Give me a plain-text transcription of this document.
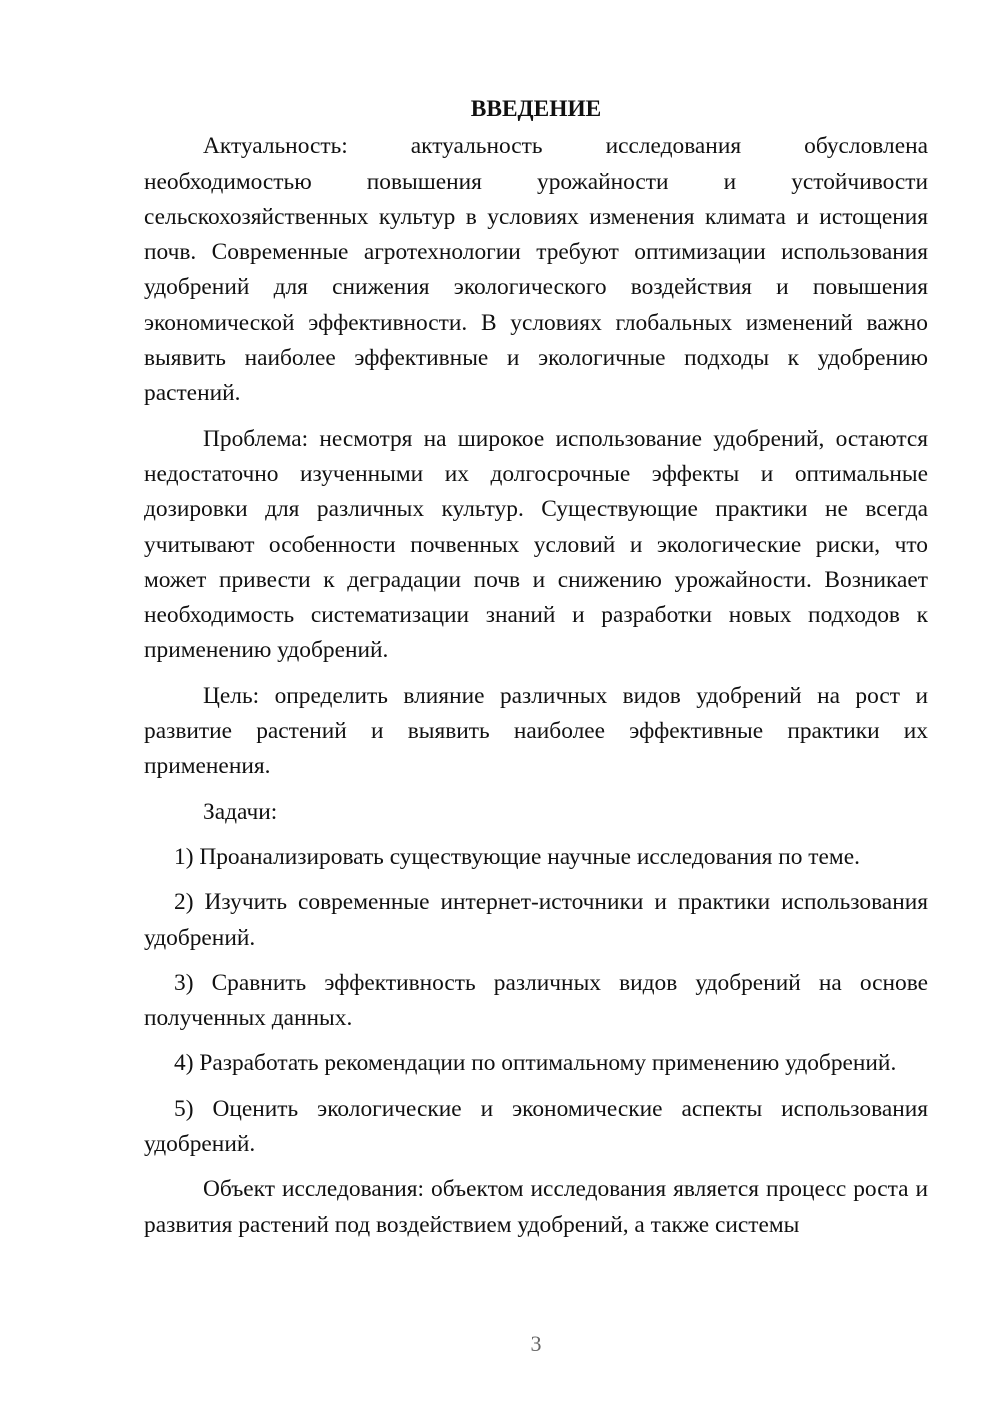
ВВЕДЕНИЕ

Актуальность: актуальность исследования обусловлена необходимостью повышения урожайности и устойчивости сельскохозяйственных культур в условиях изменения климата и истощения почв. Современные агротехнологии требуют оптимизации использования удобрений для снижения экологического воздействия и повышения экономической эффективности. В условиях глобальных изменений важно выявить наиболее эффективные и экологичные подходы к удобрению растений.

Проблема: несмотря на широкое использование удобрений, остаются недостаточно изученными их долгосрочные эффекты и оптимальные дозировки для различных культур. Существующие практики не всегда учитывают особенности почвенных условий и экологические риски, что может привести к деградации почв и снижению урожайности. Возникает необходимость систематизации знаний и разработки новых подходов к применению удобрений.

Цель: определить влияние различных видов удобрений на рост и развитие растений и выявить наиболее эффективные практики их применения.

Задачи:

1) Проанализировать существующие научные исследования по теме.

2) Изучить современные интернет-источники и практики использования удобрений.

3) Сравнить эффективность различных видов удобрений на основе полученных данных.

4) Разработать рекомендации по оптимальному применению удобрений.

5) Оценить экологические и экономические аспекты использования удобрений.

Объект исследования: объектом исследования является процесс роста и развития растений под воздействием удобрений, а также системы

3
